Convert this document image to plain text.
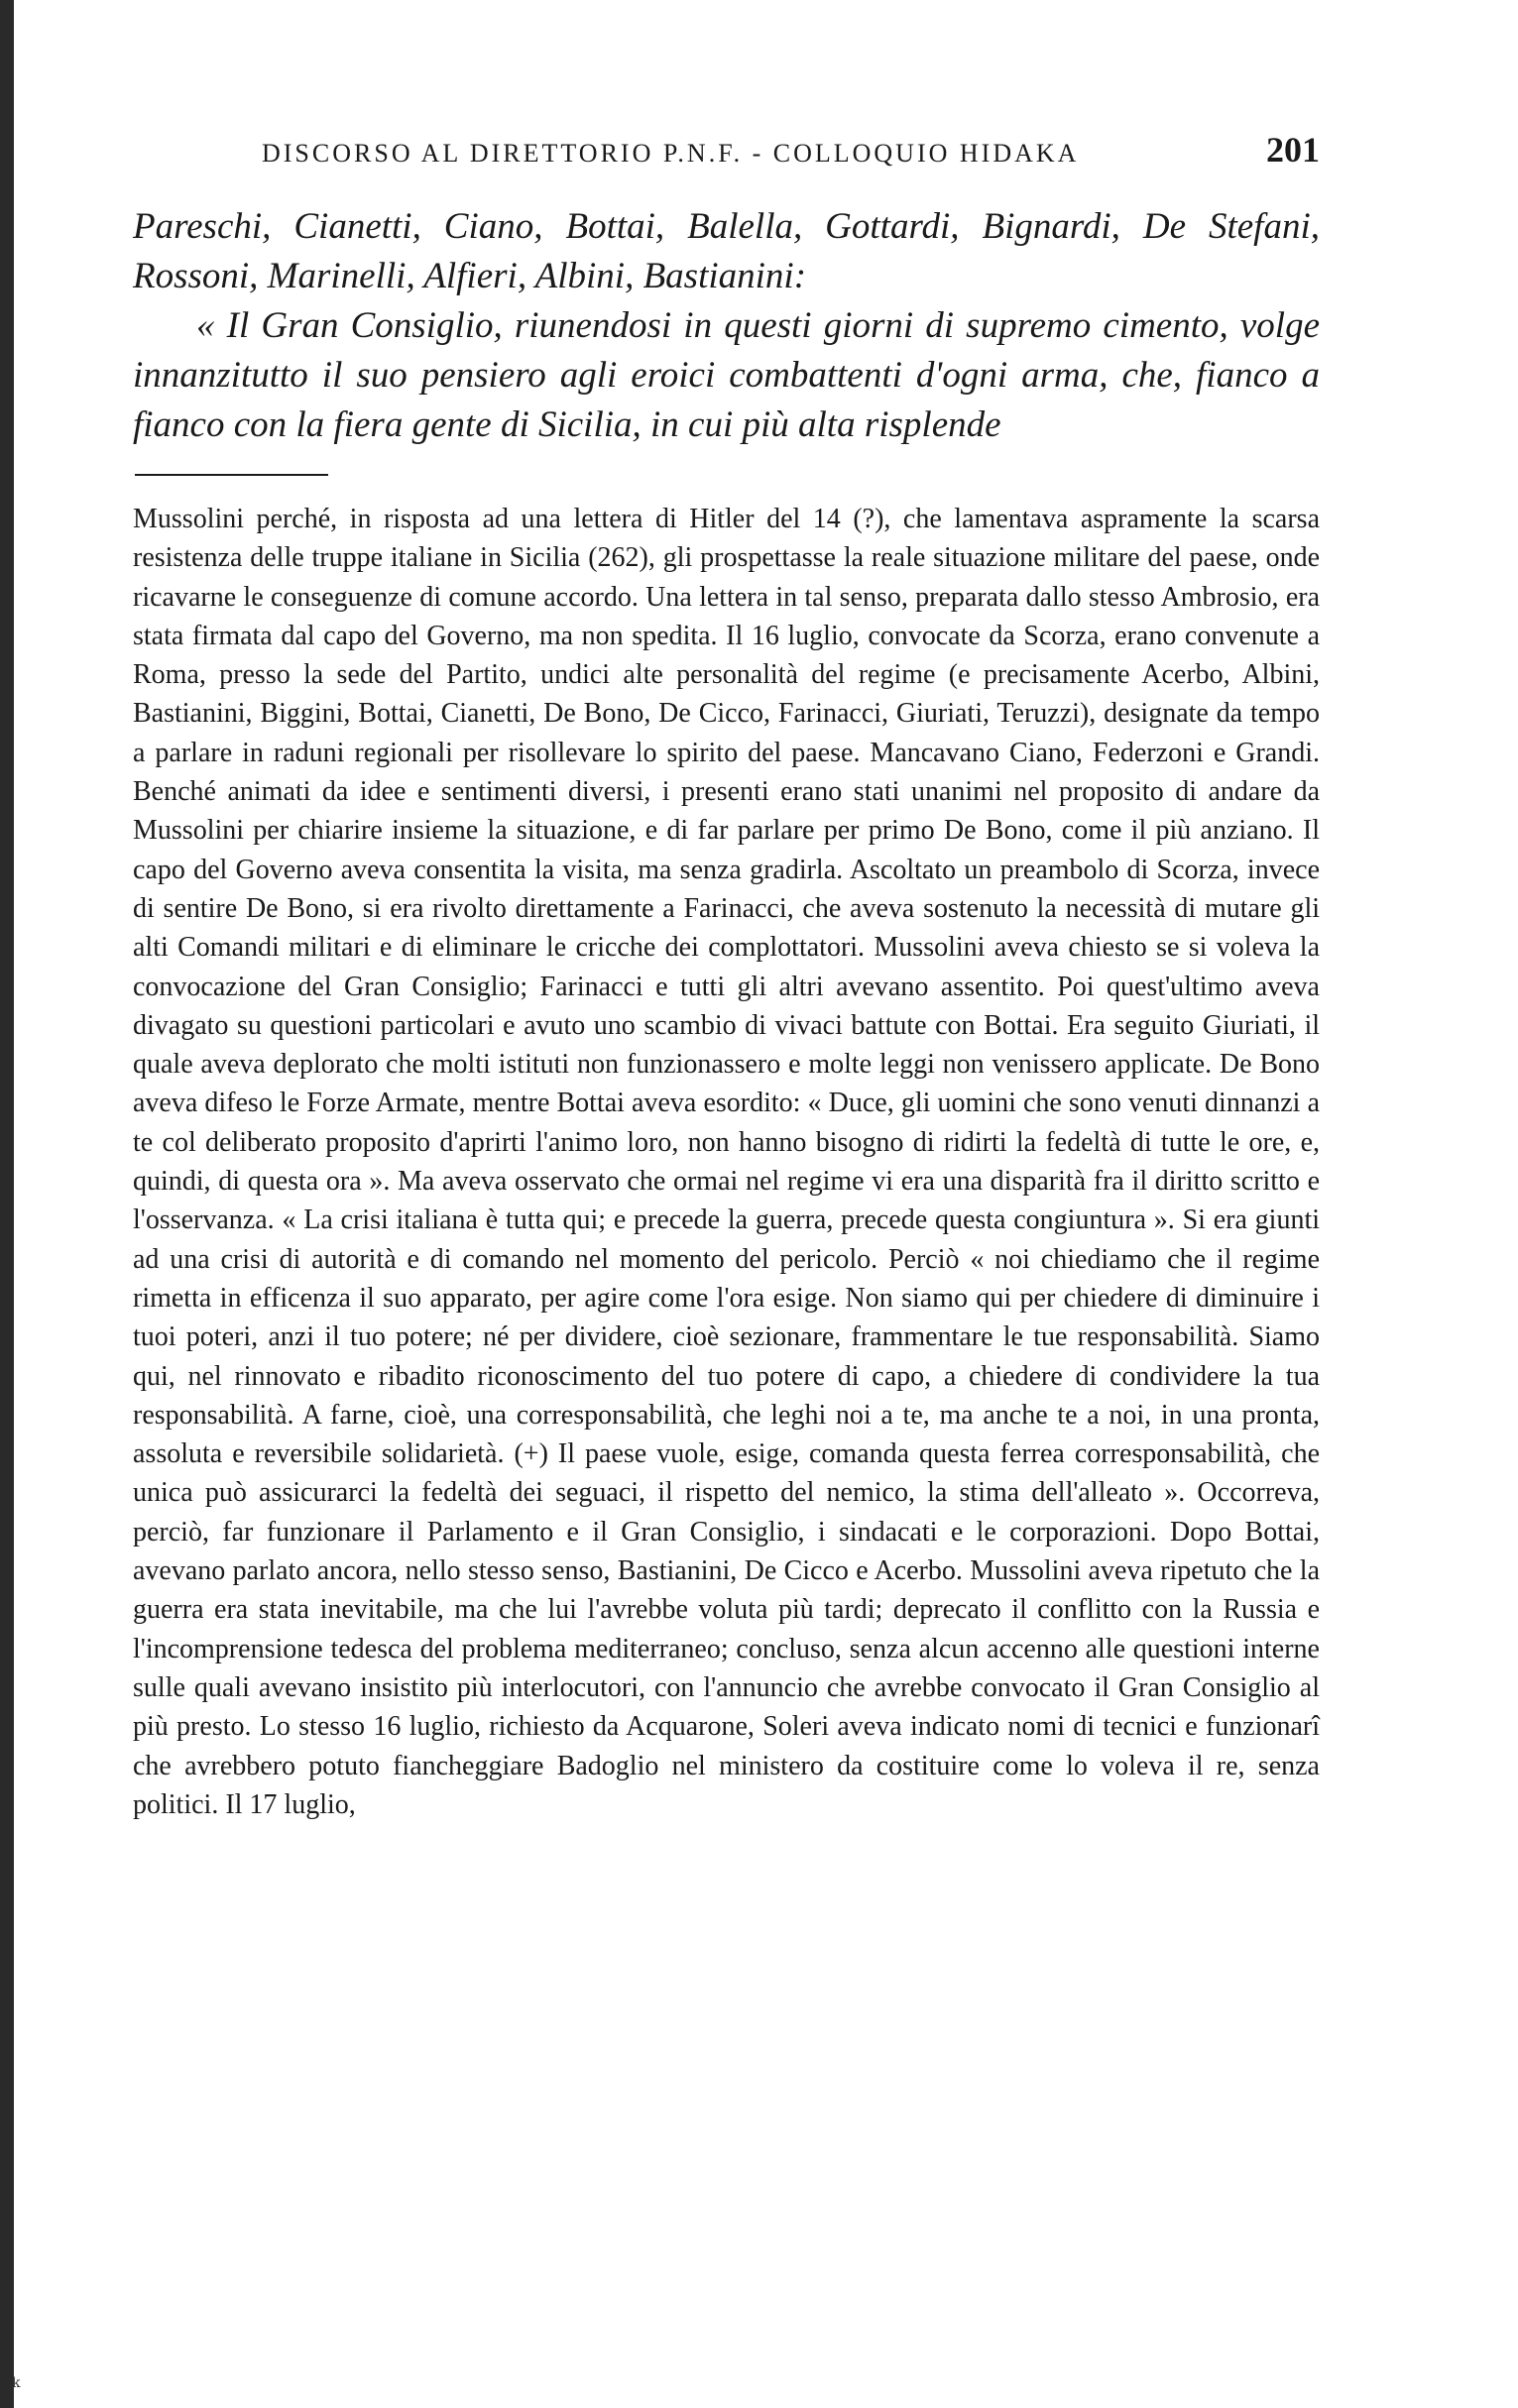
DISCORSO AL DIRETTORIO P.N.F. - COLLOQUIO HIDAKA	201

Pareschi, Cianetti, Ciano, Bottai, Balella, Gottardi, Bignardi, De Stefani, Rossoni, Marinelli, Alfieri, Albini, Bastianini:

« Il Gran Consiglio, riunendosi in questi giorni di supremo cimento, volge innanzitutto il suo pensiero agli eroici combattenti d'ogni arma, che, fianco a fianco con la fiera gente di Sicilia, in cui più alta risplende

Mussolini perché, in risposta ad una lettera di Hitler del 14 (?), che lamentava aspramente la scarsa resistenza delle truppe italiane in Sicilia (262), gli prospettasse la reale situazione militare del paese, onde ricavarne le conseguenze di comune accordo. Una lettera in tal senso, preparata dallo stesso Ambrosio, era stata firmata dal capo del Governo, ma non spedita. Il 16 luglio, convocate da Scorza, erano convenute a Roma, presso la sede del Partito, undici alte personalità del regime (e precisamente Acerbo, Albini, Bastianini, Biggini, Bottai, Cianetti, De Bono, De Cicco, Farinacci, Giuriati, Teruzzi), designate da tempo a parlare in raduni regionali per risollevare lo spirito del paese. Mancavano Ciano, Federzoni e Grandi. Benché animati da idee e sentimenti diversi, i presenti erano stati unanimi nel proposito di andare da Mussolini per chiarire insieme la situazione, e di far parlare per primo De Bono, come il più anziano. Il capo del Governo aveva consentita la visita, ma senza gradirla. Ascoltato un preambolo di Scorza, invece di sentire De Bono, si era rivolto direttamente a Farinacci, che aveva sostenuto la necessità di mutare gli alti Comandi militari e di eliminare le cricche dei complottatori. Mussolini aveva chiesto se si voleva la convocazione del Gran Consiglio; Farinacci e tutti gli altri avevano assentito. Poi quest'ultimo aveva divagato su questioni particolari e avuto uno scambio di vivaci battute con Bottai. Era seguito Giuriati, il quale aveva deplorato che molti istituti non funzionassero e molte leggi non venissero applicate. De Bono aveva difeso le Forze Armate, mentre Bottai aveva esordito: « Duce, gli uomini che sono venuti dinnanzi a te col deliberato proposito d'aprirti l'animo loro, non hanno bisogno di ridirti la fedeltà di tutte le ore, e, quindi, di questa ora ». Ma aveva osservato che ormai nel regime vi era una disparità fra il diritto scritto e l'osservanza. « La crisi italiana è tutta qui; e precede la guerra, precede questa congiuntura ». Si era giunti ad una crisi di autorità e di comando nel momento del pericolo. Perciò « noi chiediamo che il regime rimetta in efficenza il suo apparato, per agire come l'ora esige. Non siamo qui per chiedere di diminuire i tuoi poteri, anzi il tuo potere; né per dividere, cioè sezionare, frammentare le tue responsabilità. Siamo qui, nel rinnovato e ribadito riconoscimento del tuo potere di capo, a chiedere di condividere la tua responsabilità. A farne, cioè, una corresponsabilità, che leghi noi a te, ma anche te a noi, in una pronta, assoluta e reversibile solidarietà. (+) Il paese vuole, esige, comanda questa ferrea corresponsabilità, che unica può assicurarci la fedeltà dei seguaci, il rispetto del nemico, la stima dell'alleato ». Occorreva, perciò, far funzionare il Parlamento e il Gran Consiglio, i sindacati e le corporazioni. Dopo Bottai, avevano parlato ancora, nello stesso senso, Bastianini, De Cicco e Acerbo. Mussolini aveva ripetuto che la guerra era stata inevitabile, ma che lui l'avrebbe voluta più tardi; deprecato il conflitto con la Russia e l'incomprensione tedesca del problema mediterraneo; concluso, senza alcun accenno alle questioni interne sulle quali avevano insistito più interlocutori, con l'annuncio che avrebbe convocato il Gran Consiglio al più presto. Lo stesso 16 luglio, richiesto da Acquarone, Soleri aveva indicato nomi di tecnici e funzionarî che avrebbero potuto fiancheggiare Badoglio nel ministero da costituire come lo voleva il re, senza politici. Il 17 luglio,

k
